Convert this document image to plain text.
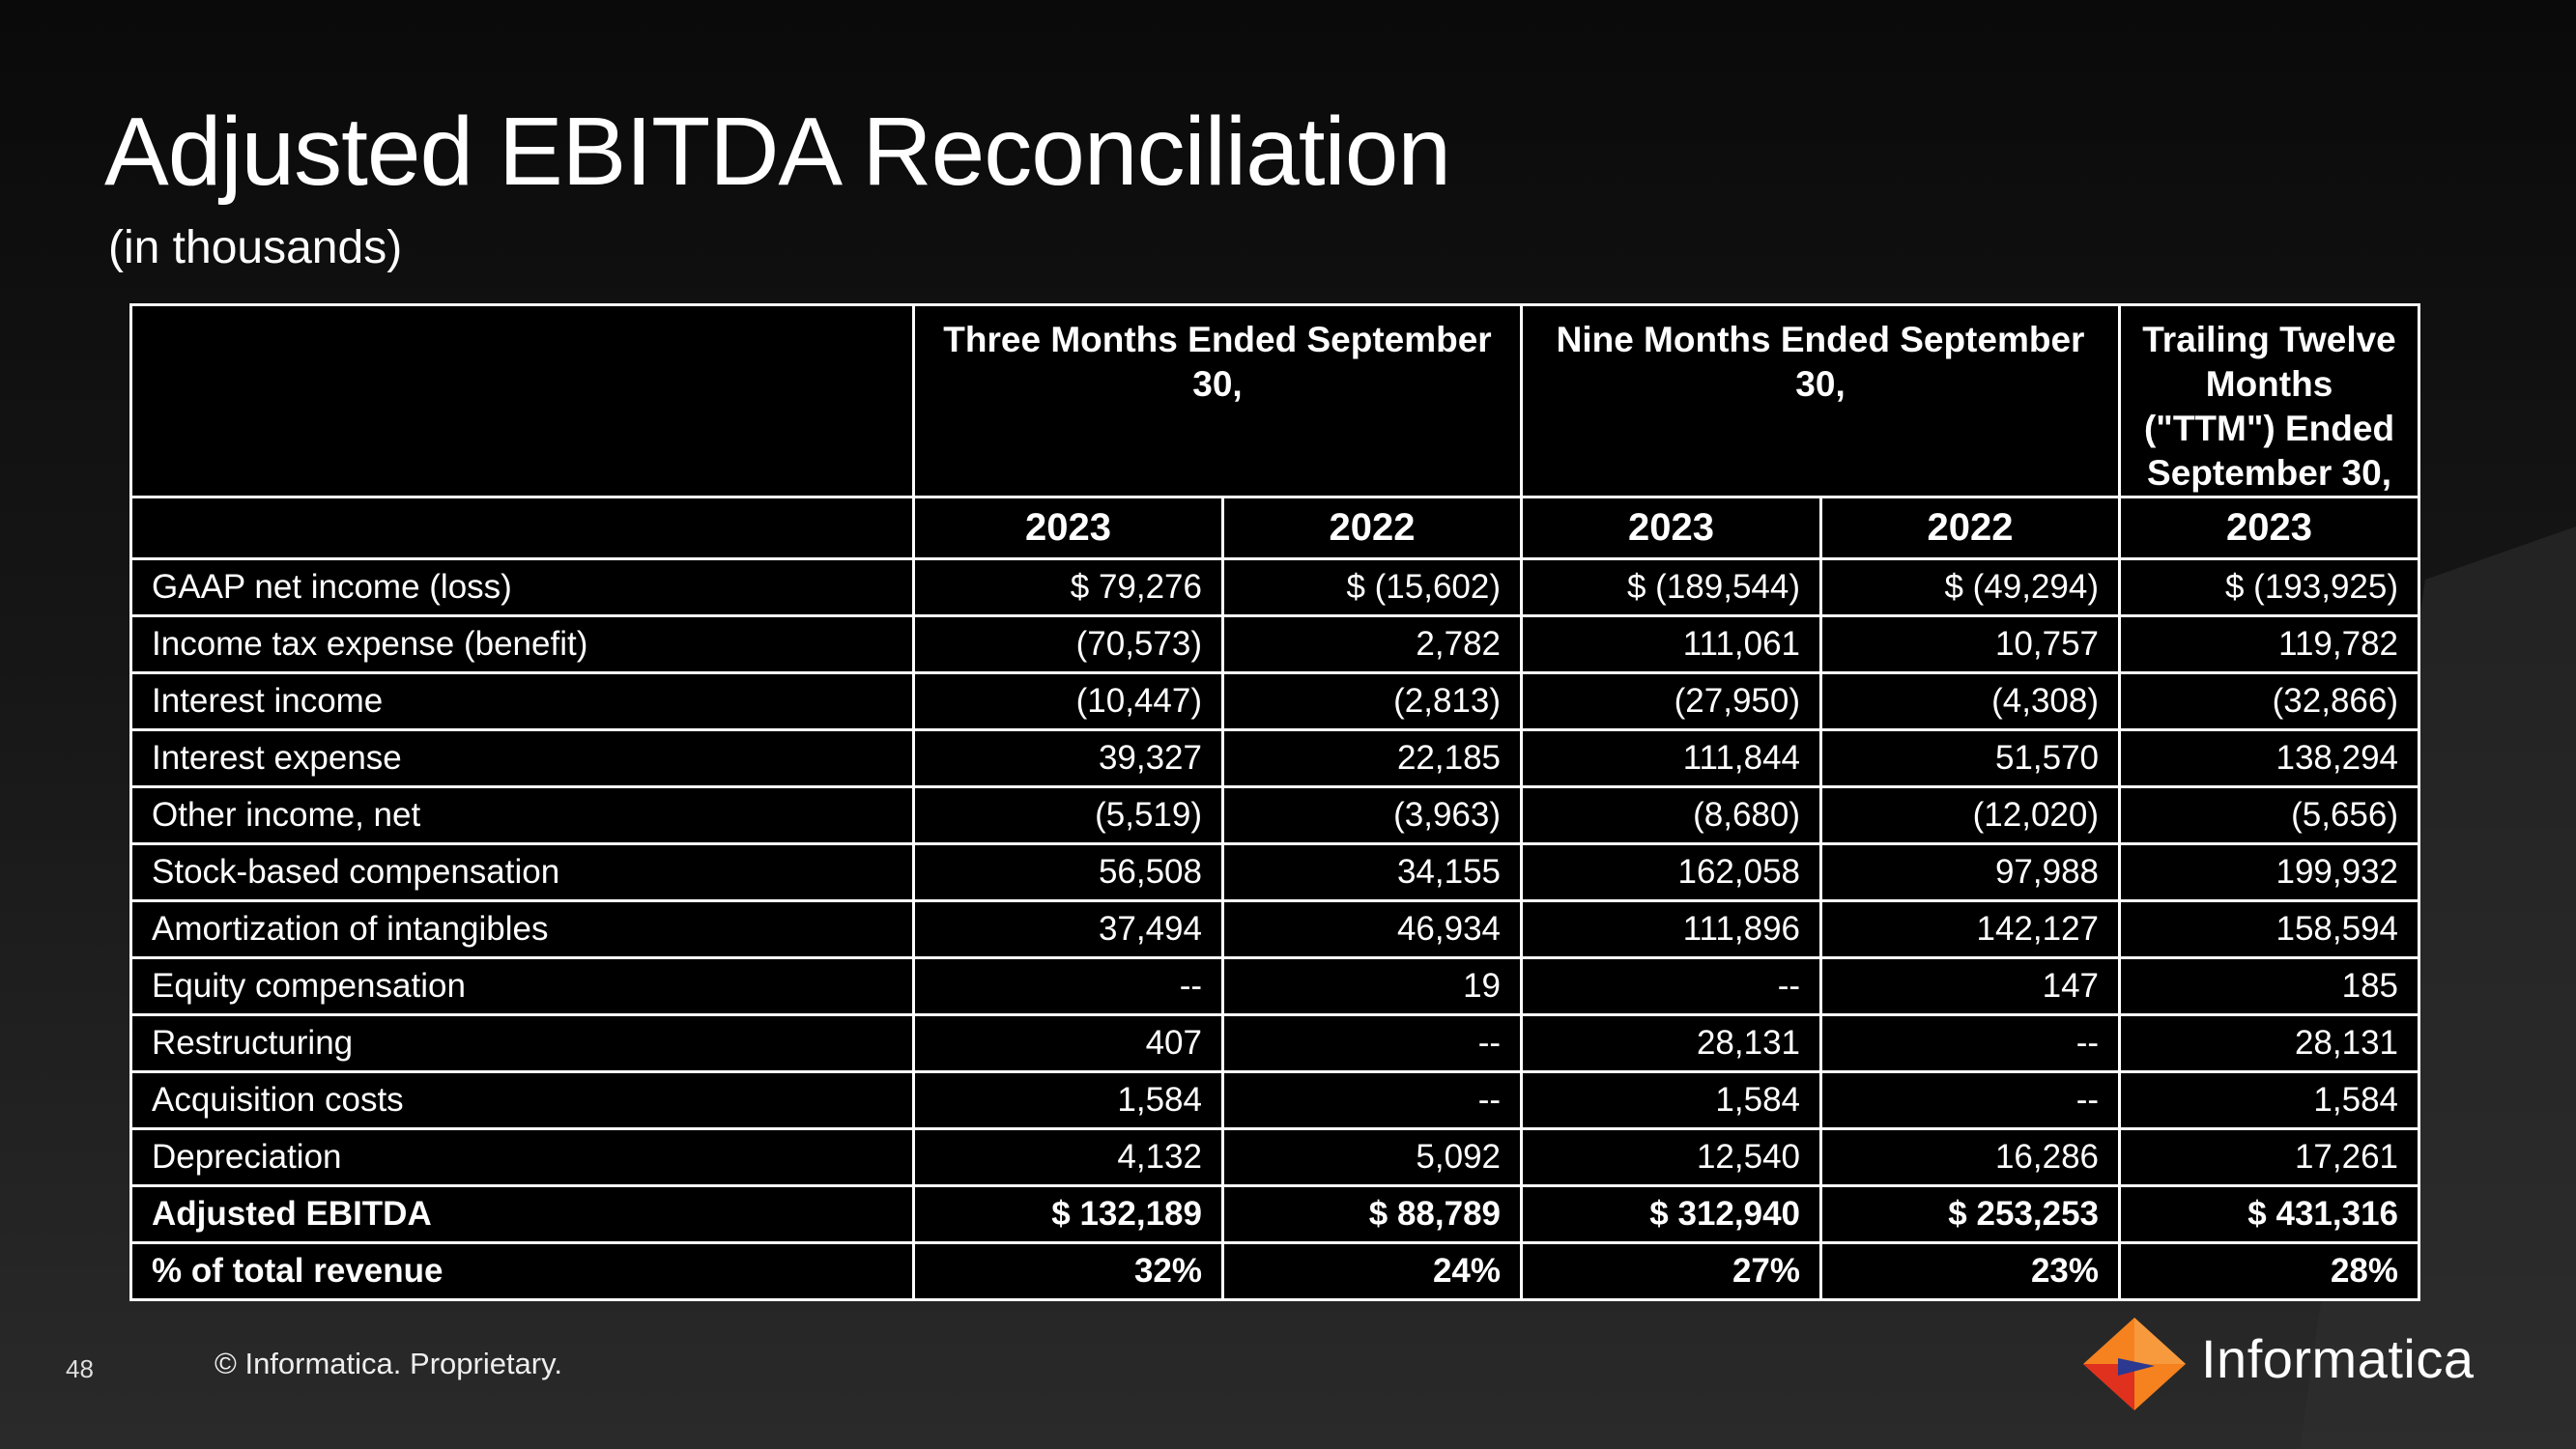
Adjusted EBITDA Reconciliation
(in thousands)
	Three Months Ended September 30,		Nine Months Ended September 30,		Trailing Twelve Months ("TTM") Ended September 30,
	2023	2022	2023	2022	2023
GAAP net income (loss)	$ 79,276	$ (15,602)	$ (189,544)	$ (49,294)	$ (193,925)
Income tax expense (benefit)	(70,573)	2,782	111,061	10,757	119,782
Interest income	(10,447)	(2,813)	(27,950)	(4,308)	(32,866)
Interest expense	39,327	22,185	111,844	51,570	138,294
Other income, net	(5,519)	(3,963)	(8,680)	(12,020)	(5,656)
Stock-based compensation	56,508	34,155	162,058	97,988	199,932
Amortization of intangibles	37,494	46,934	111,896	142,127	158,594
Equity compensation	--	19	--	147	185
Restructuring	407	--	28,131	--	28,131
Acquisition costs	1,584	--	1,584	--	1,584
Depreciation	4,132	5,092	12,540	16,286	17,261
Adjusted EBITDA	$ 132,189	$ 88,789	$ 312,940	$ 253,253	$ 431,316
% of total revenue	32%	24%	27%	23%	28%
48	© Informatica. Proprietary.	Informatica
